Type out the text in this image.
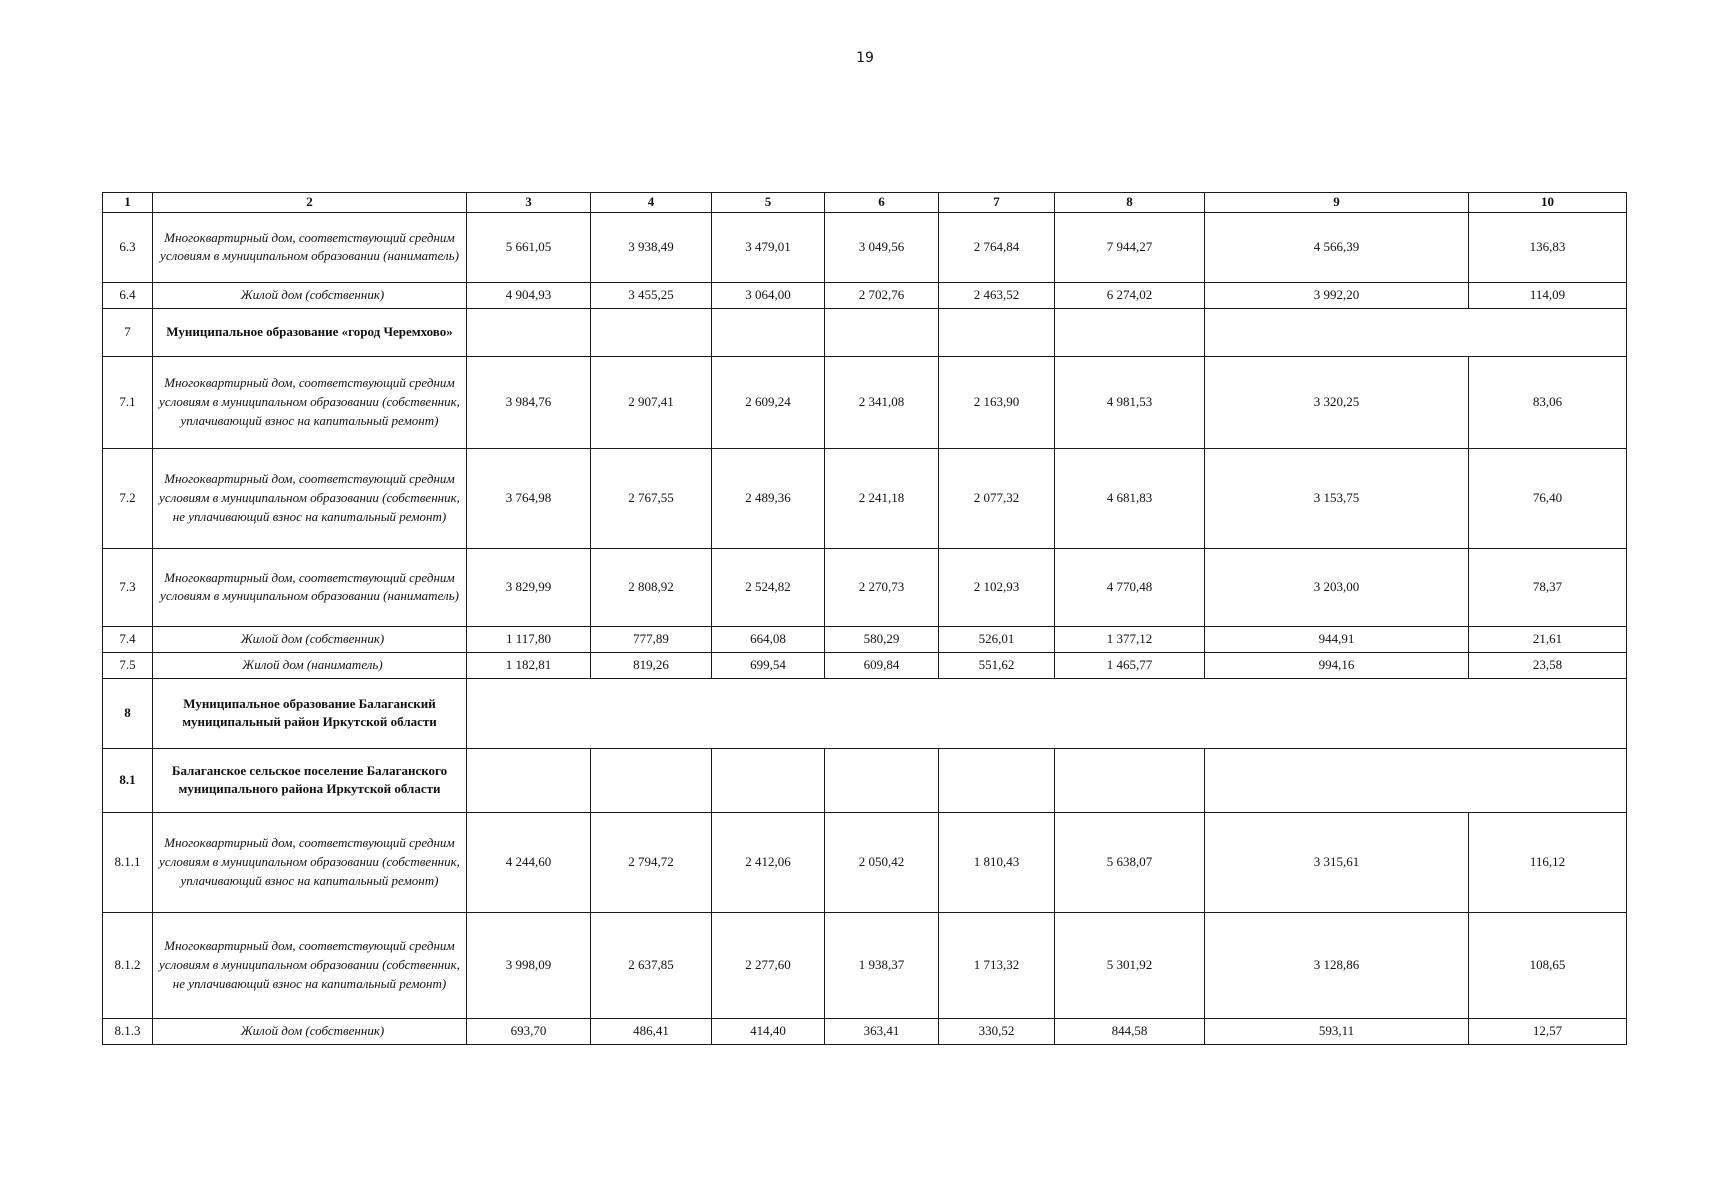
19
1	2	3	4	5	6	7	8	9	10
6.3	Многоквартирный дом, соответствующий средним условиям в муниципальном образовании (наниматель)	5 661,05	3 938,49	3 479,01	3 049,56	2 764,84	7 944,27	4 566,39	136,83
6.4	Жилой дом (собственник)	4 904,93	3 455,25	3 064,00	2 702,76	2 463,52	6 274,02	3 992,20	114,09
7	Муниципальное образование «город Черемхово»								
7.1	Многоквартирный дом, соответствующий средним условиям в муниципальном образовании (собственник, уплачивающий взнос на капитальный ремонт)	3 984,76	2 907,41	2 609,24	2 341,08	2 163,90	4 981,53	3 320,25	83,06
7.2	Многоквартирный дом, соответствующий средним условиям в муниципальном образовании (собственник, не уплачивающий взнос на капитальный ремонт)	3 764,98	2 767,55	2 489,36	2 241,18	2 077,32	4 681,83	3 153,75	76,40
7.3	Многоквартирный дом, соответствующий средним условиям в муниципальном образовании (наниматель)	3 829,99	2 808,92	2 524,82	2 270,73	2 102,93	4 770,48	3 203,00	78,37
7.4	Жилой дом (собственник)	1 117,80	777,89	664,08	580,29	526,01	1 377,12	944,91	21,61
7.5	Жилой дом (наниматель)	1 182,81	819,26	699,54	609,84	551,62	1 465,77	994,16	23,58
8	Муниципальное образование Балаганский муниципальный район Иркутской области								
8.1	Балаганское сельское поселение Балаганского муниципального района Иркутской области								
8.1.1	Многоквартирный дом, соответствующий средним условиям в муниципальном образовании (собственник, уплачивающий взнос на капитальный ремонт)	4 244,60	2 794,72	2 412,06	2 050,42	1 810,43	5 638,07	3 315,61	116,12
8.1.2	Многоквартирный дом, соответствующий средним условиям в муниципальном образовании (собственник, не уплачивающий взнос на капитальный ремонт)	3 998,09	2 637,85	2 277,60	1 938,37	1 713,32	5 301,92	3 128,86	108,65
8.1.3	Жилой дом (собственник)	693,70	486,41	414,40	363,41	330,52	844,58	593,11	12,57
